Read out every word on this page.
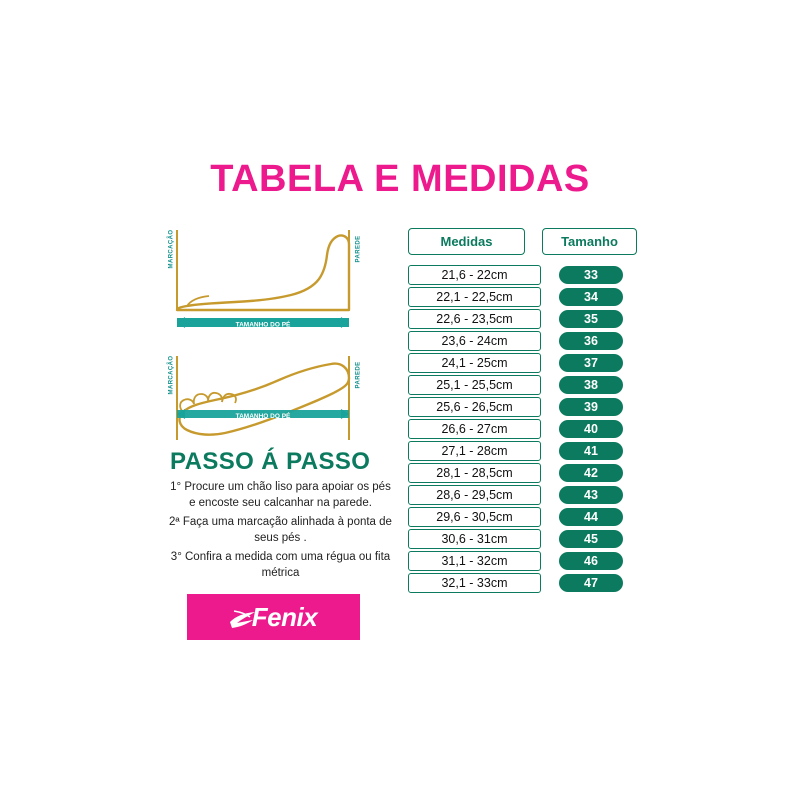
TABELA E MEDIDAS
MARCAÇÃO	PAREDE
TAMANHO DO PÉ
MARCAÇÃO	PAREDE
TAMANHO DO PÉ
PASSO Á PASSO
1° Procure um chão liso para apoiar os pés e encoste seu calcanhar na parede.
2ª Faça uma marcação alinhada à ponta de seus pés .
3° Confira a medida com uma régua ou fita métrica
Fenix
Medidas	Tamanho
21,6 - 22cm	33
22,1 - 22,5cm	34
22,6 - 23,5cm	35
23,6 - 24cm	36
24,1 - 25cm	37
25,1 - 25,5cm	38
25,6 - 26,5cm	39
26,6 - 27cm	40
27,1 - 28cm	41
28,1 - 28,5cm	42
28,6 - 29,5cm	43
29,6 - 30,5cm	44
30,6 - 31cm	45
31,1 - 32cm	46
32,1 - 33cm	47
